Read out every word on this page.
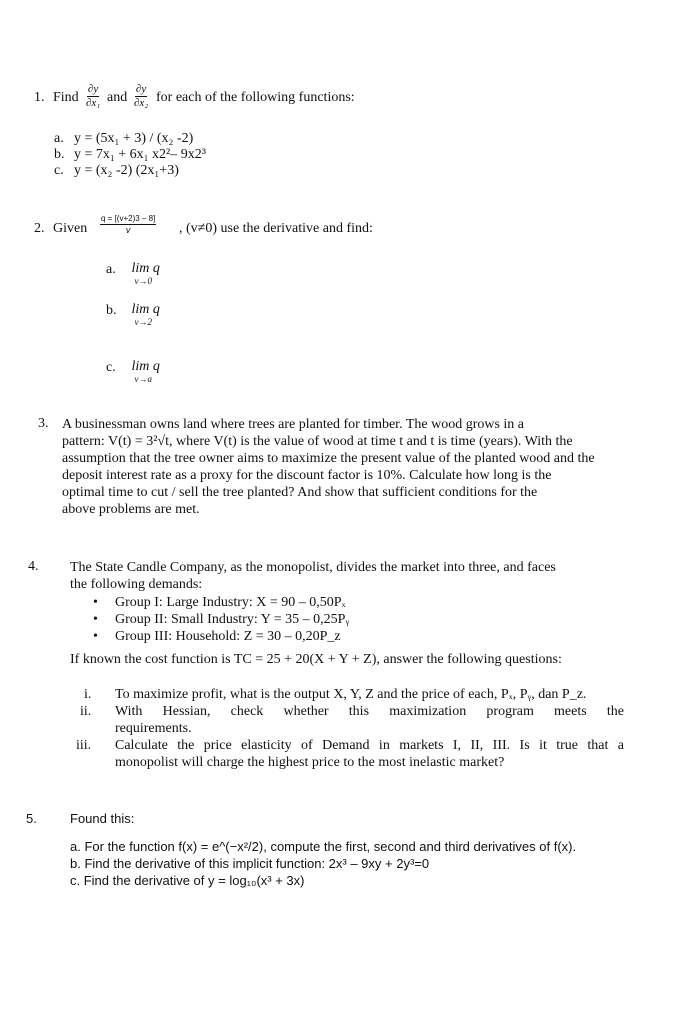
1. Find $\frac{\partial y}{\text{∂x₁}}$ and $\frac{\partial y}{\text{∂x₂}}$ for each of the following functions:
a. y = (5x₁ + 3) / (x₂ -2)
b. y = 7x₁ + 6x₁ x2²– 9x2³
c. y = (x₂ -2) (2x₁+3)
2. Given $\frac{q = [(v+2)3 - 8]}{v}$ , (v≠0) use the derivative and find:
a. lim q
v→0
b. lim q
v→2
c. lim q
v→a
3. A businessman owns land where trees are planted for timber. The wood grows in a
pattern: V(t) = 3²√t, where V(t) is the value of wood at time t and t is time (years). With the
assumption that the tree owner aims to maximize the present value of the planted wood and the
deposit interest rate as a proxy for the discount factor is 10%. Calculate how long is the
optimal time to cut / sell the tree planted? And show that sufficient conditions for the
above problems are met.
4. The State Candle Company, as the monopolist, divides the market into three, and faces
the following demands:
• Group I: Large Industry: X = 90 – 0,50Pₓ
• Group II: Small Industry: Y = 35 – 0,25Pᵧ
• Group III: Household: Z = 30 – 0,20P_z
If known the cost function is TC = 25 + 20(X + Y + Z), answer the following questions:
i. To maximize profit, what is the output X, Y, Z and the price of each, Pₓ, Pᵧ, dan P_z.
ii. With Hessian, check whether this maximization program meets the
requirements.
iii. Calculate the price elasticity of Demand in markets I, II, III. Is it true that a
monopolist will charge the highest price to the most inelastic market?
5.	Found this:
a. For the function f(x) = e^(−x²/2), compute the first, second and third derivatives of f(x).
b. Find the derivative of this implicit function: 2x³ – 9xy + 2y³=0
c. Find the derivative of y = log₁₀(x³ + 3x)
